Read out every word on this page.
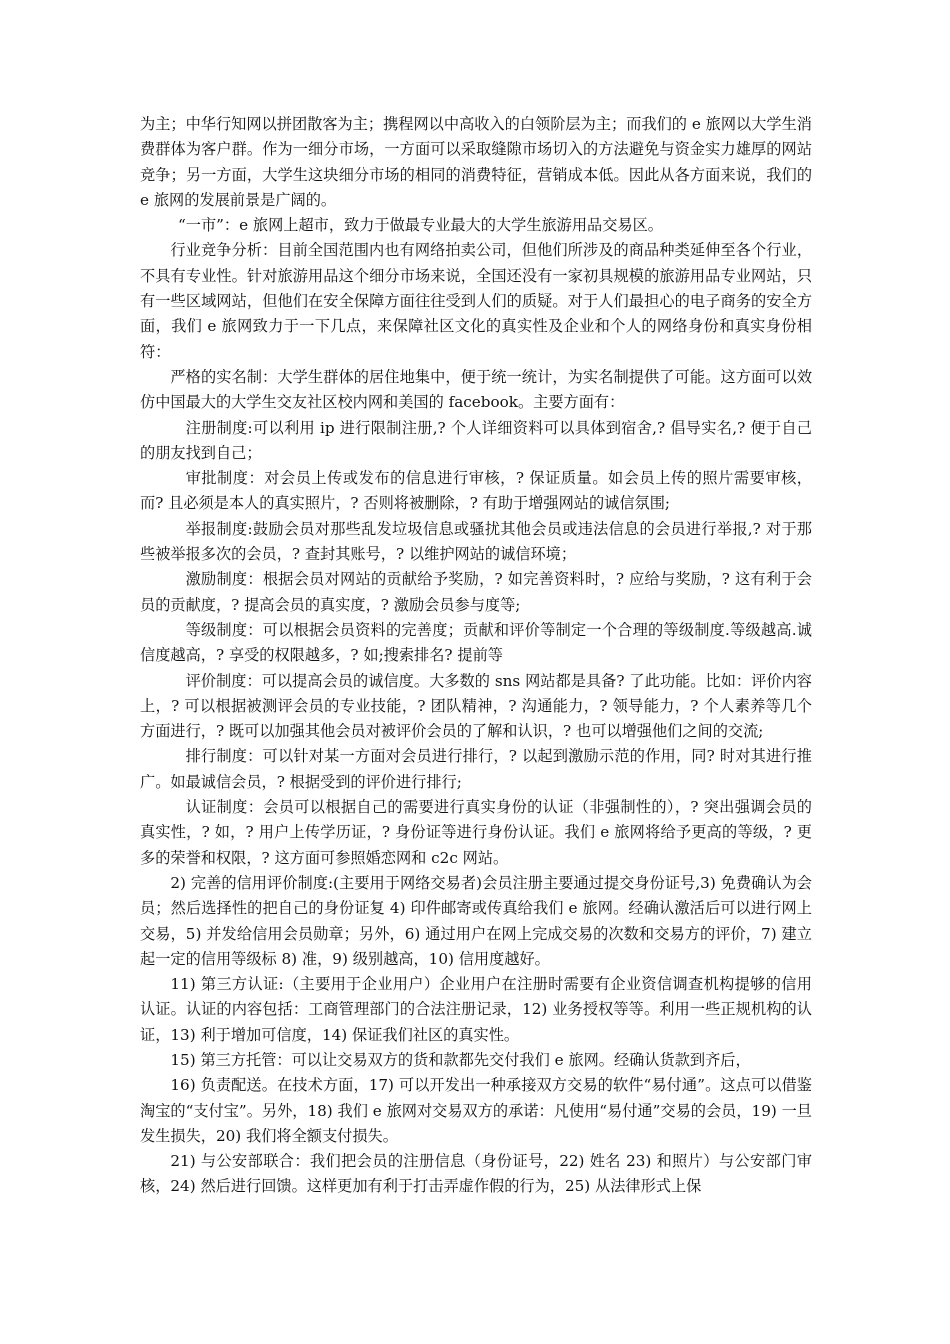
为主；中华行知网以拼团散客为主；携程网以中高收入的白领阶层为主；而我们的 e 旅网以大学生消费群体为客户群。作为一细分市场，一方面可以采取缝隙市场切入的方法避免与资金实力雄厚的网站竞争；另一方面，大学生这块细分市场的相同的消费特征，营销成本低。因此从各方面来说，我们的 e 旅网的发展前景是广阔的。

“一市”：e 旅网上超市，致力于做最专业最大的大学生旅游用品交易区。

行业竞争分析：目前全国范围内也有网络拍卖公司，但他们所涉及的商品种类延伸至各个行业，不具有专业性。针对旅游用品这个细分市场来说，全国还没有一家初具规模的旅游用品专业网站，只有一些区域网站，但他们在安全保障方面往往受到人们的质疑。对于人们最担心的电子商务的安全方面，我们 e 旅网致力于一下几点，来保障社区文化的真实性及企业和个人的网络身份和真实身份相符：

严格的实名制：大学生群体的居住地集中，便于统一统计，为实名制提供了可能。这方面可以效仿中国最大的大学生交友社区校内网和美国的 facebook。主要方面有：

注册制度:可以利用 ip 进行限制注册,? 个人详细资料可以具体到宿舍,? 倡导实名,? 便于自己的朋友找到自己；

审批制度：对会员上传或发布的信息进行审核，? 保证质量。如会员上传的照片需要审核，而? 且必须是本人的真实照片，? 否则将被删除，? 有助于增强网站的诚信氛围;

举报制度:鼓励会员对那些乱发垃圾信息或骚扰其他会员或违法信息的会员进行举报,? 对于那些被举报多次的会员，? 查封其账号，? 以维护网站的诚信环境；

激励制度：根据会员对网站的贡献给予奖励，? 如完善资料时，? 应给与奖励，? 这有利于会员的贡献度，? 提高会员的真实度，? 激励会员参与度等;

等级制度：可以根据会员资料的完善度；贡献和评价等制定一个合理的等级制度.等级越高.诚信度越高，? 享受的权限越多，? 如;搜索排名? 提前等

评价制度：可以提高会员的诚信度。大多数的 sns 网站都是具备? 了此功能。比如：评价内容上，? 可以根据被测评会员的专业技能，? 团队精神，? 沟通能力，? 领导能力，? 个人素养等几个方面进行，? 既可以加强其他会员对被评价会员的了解和认识，? 也可以增强他们之间的交流;

排行制度：可以针对某一方面对会员进行排行，? 以起到激励示范的作用，同? 时对其进行推广。如最诚信会员，? 根据受到的评价进行排行;

认证制度：会员可以根据自己的需要进行真实身份的认证（非强制性的），? 突出强调会员的真实性，? 如，? 用户上传学历证，? 身份证等进行身份认证。我们 e 旅网将给予更高的等级，? 更多的荣誉和权限，? 这方面可参照婚恋网和 c2c 网站。

2) 完善的信用评价制度:(主要用于网络交易者)会员注册主要通过提交身份证号,3) 免费确认为会员；然后选择性的把自己的身份证复 4) 印件邮寄或传真给我们 e 旅网。经确认激活后可以进行网上交易，5) 并发给信用会员勋章；另外，6) 通过用户在网上完成交易的次数和交易方的评价，7) 建立起一定的信用等级标 8) 准，9) 级别越高，10) 信用度越好。

11) 第三方认证:（主要用于企业用户）企业用户在注册时需要有企业资信调查机构提够的信用认证。认证的内容包括：工商管理部门的合法注册记录，12) 业务授权等等。利用一些正规机构的认证，13) 利于增加可信度，14) 保证我们社区的真实性。

15) 第三方托管：可以让交易双方的货和款都先交付我们 e 旅网。经确认货款到齐后，

16) 负责配送。在技术方面，17) 可以开发出一种承接双方交易的软件“易付通”。这点可以借鉴淘宝的“支付宝”。另外，18) 我们 e 旅网对交易双方的承诺：凡使用“易付通”交易的会员，19) 一旦发生损失，20) 我们将全额支付损失。

21) 与公安部联合：我们把会员的注册信息（身份证号，22) 姓名 23) 和照片）与公安部门审核，24) 然后进行回馈。这样更加有利于打击弄虚作假的行为，25) 从法律形式上保
